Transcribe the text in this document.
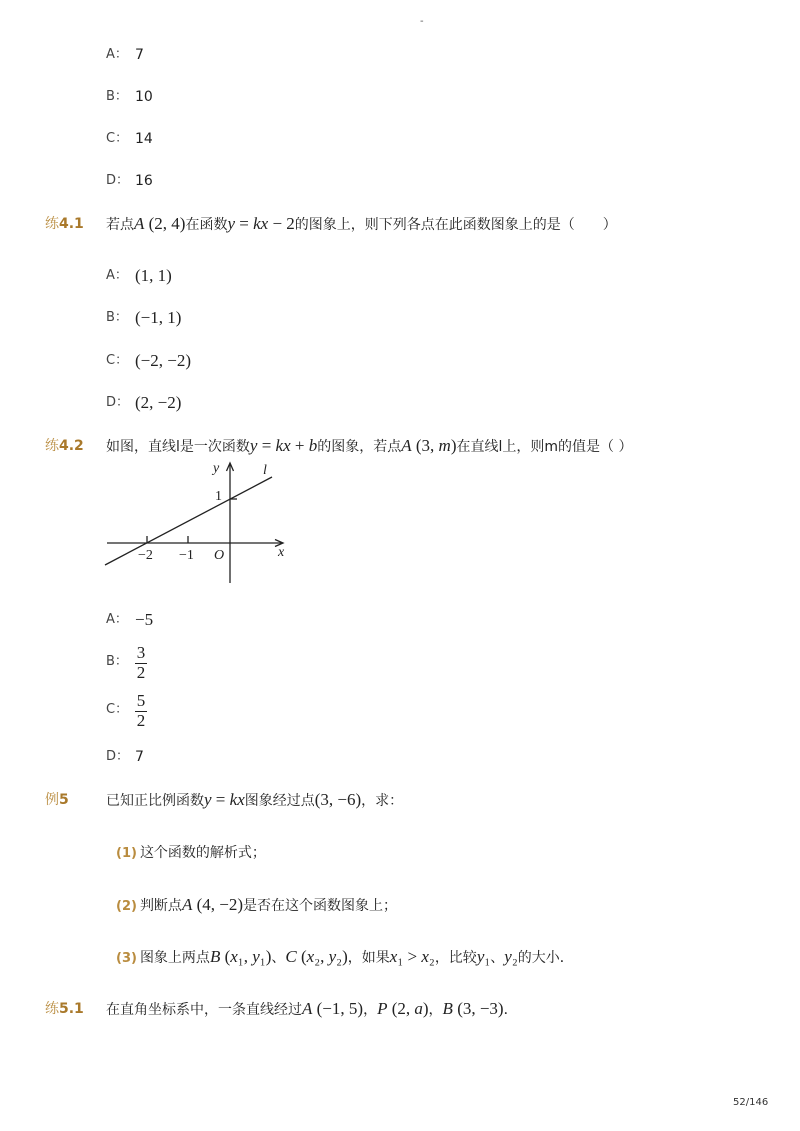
-
A： 7
B： 10
C： 14
D： 16
练4.1 若点A (2, 4)在函数y = kx − 2的图象上，则下列各点在此函数图象上的是（　　）
A： (1, 1)
B： (−1, 1)
C： (−2, −2)
D： (2, −2)
练4.2 如图，直线l是一次函数y = kx + b的图象，若点A (3, m)在直线l上，则m的值是（ ）
y	l
1
−2 −1 O	x
A： −5
B： 3
2
C： 5
2
D： 7
例5	已知正比例函数y = kx图象经过点(3, −6)，求：
(1) 这个函数的解析式；
(2) 判断点A (4, −2)是否在这个函数图象上；
(3) 图象上两点B (x₁, y₁)、C (x₂, y₂)，如果x₁ > x₂，比较y₁、y₂的大小．
练5.1 在直角坐标系中，一条直线经过A (−1, 5)，P (2, a)，B (3, −3)．
52/146
